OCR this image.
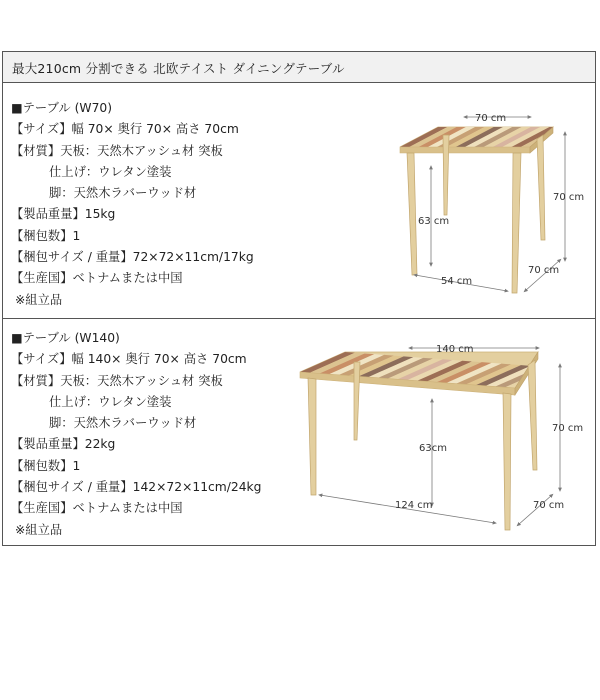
最大210cm 分割できる 北欧テイスト ダイニングテーブル
■テーブル (W70)
【サイズ】幅 70× 奥行 70× 高さ 70cm
【材質】天板：天然木アッシュ材 突板
仕上げ：ウレタン塗装
脚：天然木ラバーウッド材
【製品重量】15kg
【梱包数】1
【梱包サイズ / 重量】72×72×11cm/17kg
【生産国】ベトナムまたは中国
※組立品
■テーブル (W140)
【サイズ】幅 140× 奥行 70× 高さ 70cm
【材質】天板：天然木アッシュ材 突板
仕上げ：ウレタン塗装
脚：天然木ラバーウッド材
【製品重量】22kg
【梱包数】1
【梱包サイズ / 重量】142×72×11cm/24kg
【生産国】ベトナムまたは中国
※組立品
70 cm
70 cm
63 cm
54 cm
70 cm
140 cm
70 cm
63cm
124 cm	70 cm
